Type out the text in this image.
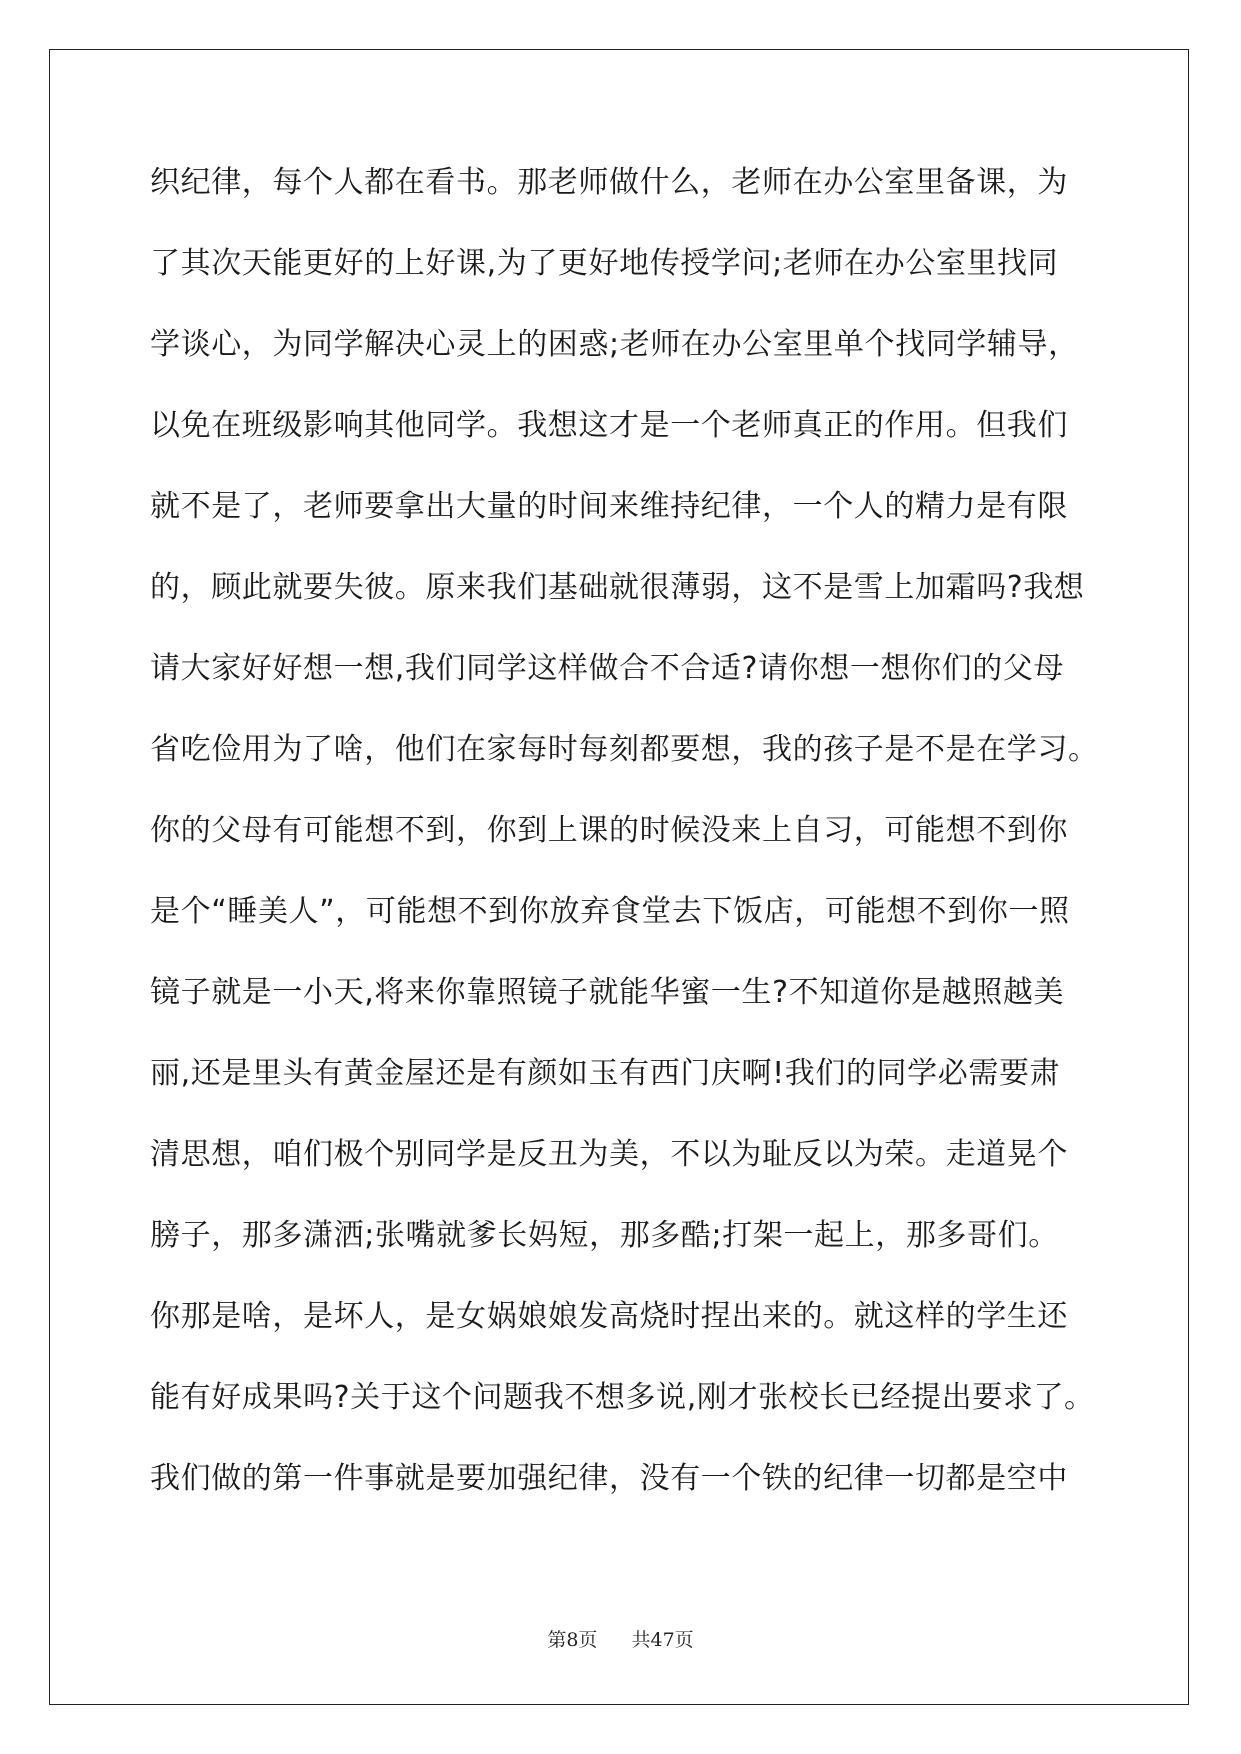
织纪律，每个人都在看书。那老师做什么，老师在办公室里备课，为
了其次天能更好的上好课,为了更好地传授学问;老师在办公室里找同
学谈心，为同学解决心灵上的困惑;老师在办公室里单个找同学辅导，
以免在班级影响其他同学。我想这才是一个老师真正的作用。但我们
就不是了，老师要拿出大量的时间来维持纪律，一个人的精力是有限
的，顾此就要失彼。原来我们基础就很薄弱，这不是雪上加霜吗?我想
请大家好好想一想,我们同学这样做合不合适?请你想一想你们的父母
省吃俭用为了啥，他们在家每时每刻都要想，我的孩子是不是在学习。
你的父母有可能想不到，你到上课的时候没来上自习，可能想不到你
是个“睡美人”，可能想不到你放弃食堂去下饭店，可能想不到你一照
镜子就是一小天,将来你靠照镜子就能华蜜一生?不知道你是越照越美
丽,还是里头有黄金屋还是有颜如玉有西门庆啊!我们的同学必需要肃
清思想，咱们极个别同学是反丑为美，不以为耻反以为荣。走道晃个
膀子，那多潇洒;张嘴就爹长妈短，那多酷;打架一起上，那多哥们。
你那是啥，是坏人，是女娲娘娘发高烧时捏出来的。就这样的学生还
能有好成果吗?关于这个问题我不想多说,刚才张校长已经提出要求了。
我们做的第一件事就是要加强纪律，没有一个铁的纪律一切都是空中
第8页 共47页
